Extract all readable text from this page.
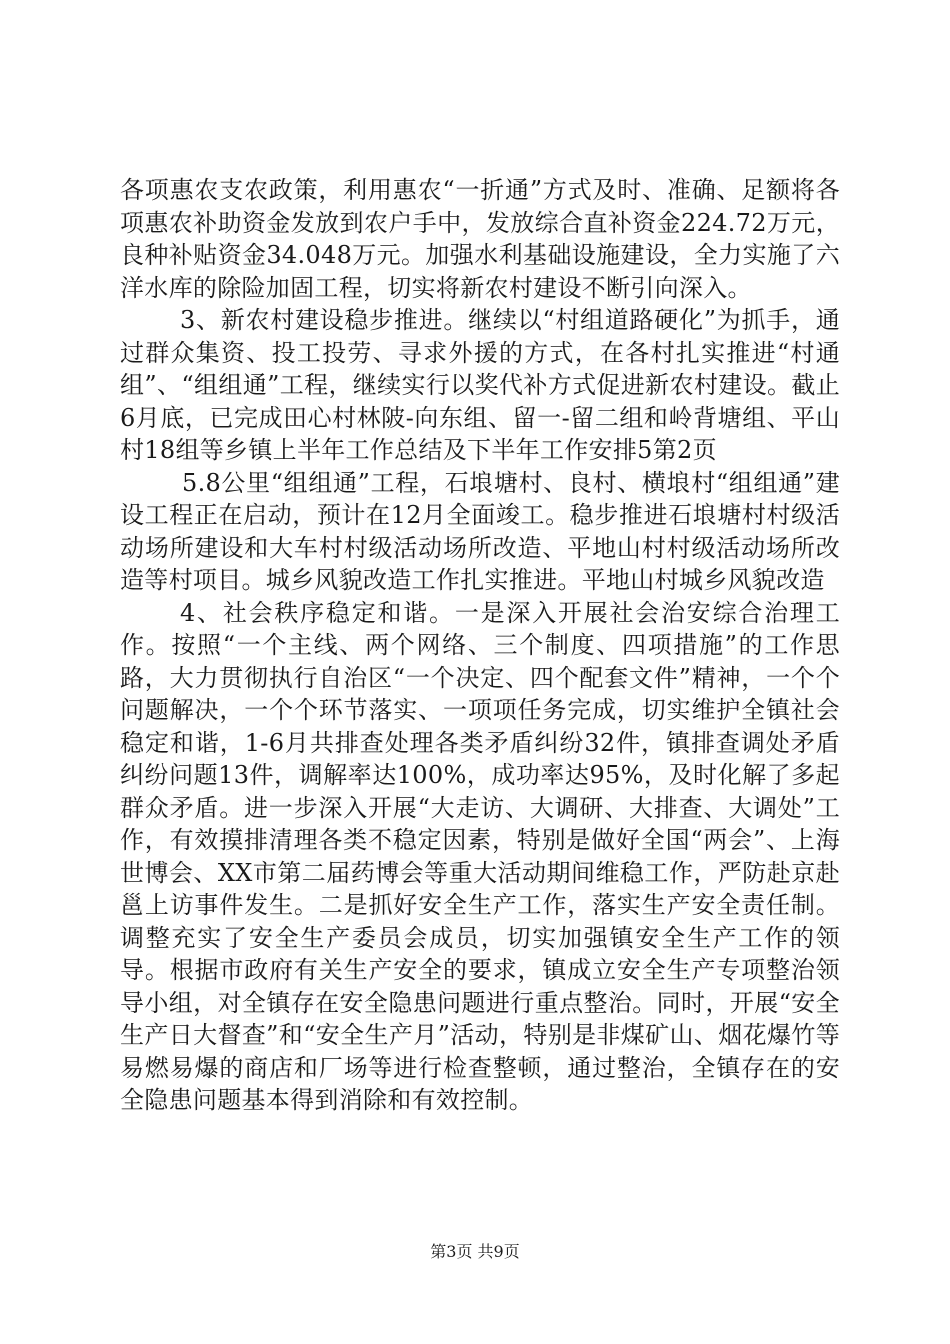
各项惠农支农政策，利用惠农“一折通”方式及时、准确、足额将各项惠农补助资金发放到农户手中，发放综合直补资金224.72万元，良种补贴资金34.048万元。加强水利基础设施建设，全力实施了六洋水库的除险加固工程，切实将新农村建设不断引向深入。

3、新农村建设稳步推进。继续以“村组道路硬化”为抓手，通过群众集资、投工投劳、寻求外援的方式，在各村扎实推进“村通组”、“组组通”工程，继续实行以奖代补方式促进新农村建设。截止6月底，已完成田心村林陂-向东组、留一-留二组和岭背塘组、平山村18组等乡镇上半年工作总结及下半年工作安排5第2页

5.8公里“组组通”工程，石埌塘村、良村、横埌村“组组通”建设工程正在启动，预计在12月全面竣工。稳步推进石埌塘村村级活动场所建设和大车村村级活动场所改造、平地山村村级活动场所改造等村项目。城乡风貌改造工作扎实推进。平地山村城乡风貌改造

4、社会秩序稳定和谐。一是深入开展社会治安综合治理工作。按照“一个主线、两个网络、三个制度、四项措施”的工作思路，大力贯彻执行自治区“一个决定、四个配套文件”精神，一个个问题解决，一个个环节落实、一项项任务完成，切实维护全镇社会稳定和谐，1-6月共排查处理各类矛盾纠纷32件，镇排查调处矛盾纠纷问题13件，调解率达100%，成功率达95%，及时化解了多起群众矛盾。进一步深入开展“大走访、大调研、大排查、大调处”工作，有效摸排清理各类不稳定因素，特别是做好全国“两会”、上海世博会、XX市第二届药博会等重大活动期间维稳工作，严防赴京赴邕上访事件发生。二是抓好安全生产工作，落实生产安全责任制。调整充实了安全生产委员会成员，切实加强镇安全生产工作的领导。根据市政府有关生产安全的要求，镇成立安全生产专项整治领导小组，对全镇存在安全隐患问题进行重点整治。同时，开展“安全生产日大督查”和“安全生产月”活动，特别是非煤矿山、烟花爆竹等易燃易爆的商店和厂场等进行检查整顿，通过整治，全镇存在的安全隐患问题基本得到消除和有效控制。

第3页 共9页
